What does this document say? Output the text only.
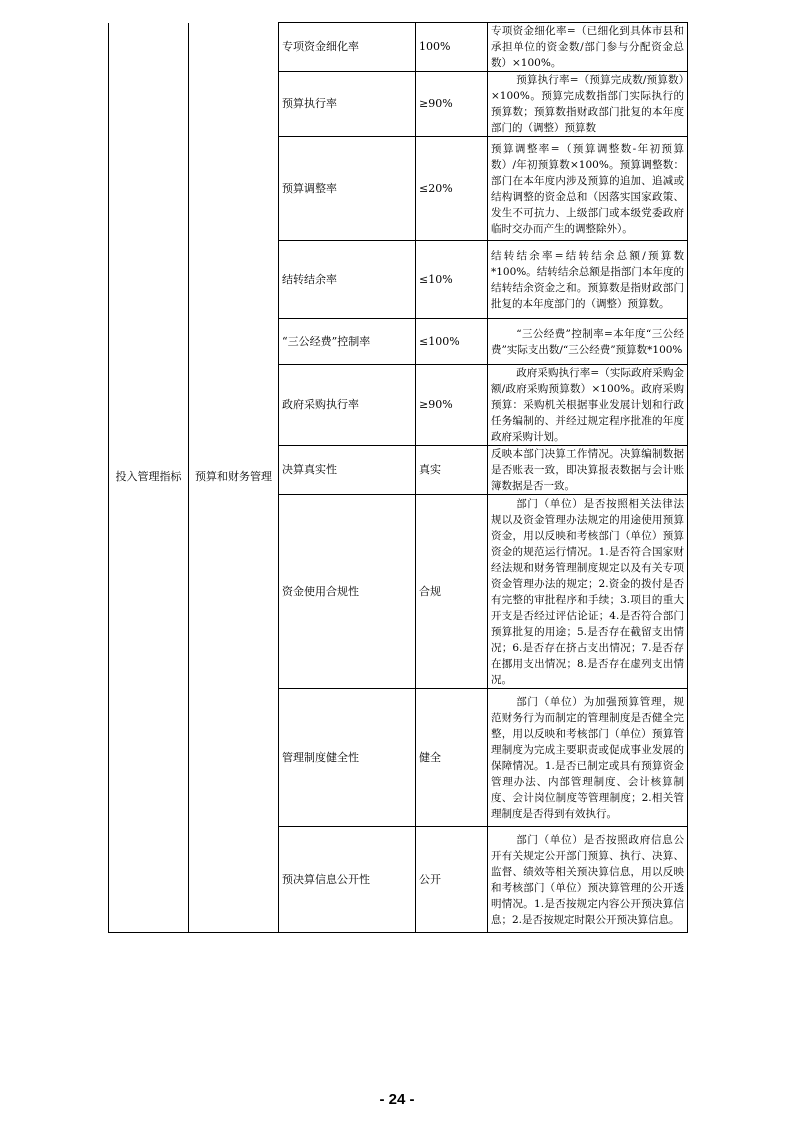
投入管理指标	预算和财务管理	专项资金细化率	100%	专项资金细化率=（已细化到具体市县和承担单位的资金数/部门参与分配资金总数）×100%。
		预算执行率	≥90%	预算执行率=（预算完成数/预算数）×100%。预算完成数指部门实际执行的预算数；预算数指财政部门批复的本年度部门的（调整）预算数
		预算调整率	≤20%	预算调整率=（预算调整数-年初预算数）/年初预算数×100%。预算调整数：部门在本年度内涉及预算的追加、追减或结构调整的资金总和（因落实国家政策、发生不可抗力、上级部门或本级党委政府临时交办而产生的调整除外）。
		结转结余率	≤10%	结转结余率=结转结余总额/预算数*100%。结转结余总额是指部门本年度的结转结余资金之和。预算数是指财政部门批复的本年度部门的（调整）预算数。
		“三公经费”控制率	≤100%	“三公经费”控制率=本年度“三公经费”实际支出数/“三公经费”预算数*100%
		政府采购执行率	≥90%	政府采购执行率=（实际政府采购金额/政府采购预算数）×100%。政府采购预算：采购机关根据事业发展计划和行政任务编制的、并经过规定程序批准的年度政府采购计划。
		决算真实性	真实	反映本部门决算工作情况。决算编制数据是否账表一致，即决算报表数据与会计账簿数据是否一致。
		资金使用合规性	合规	部门（单位）是否按照相关法律法规以及资金管理办法规定的用途使用预算资金，用以反映和考核部门（单位）预算资金的规范运行情况。1.是否符合国家财经法规和财务管理制度规定以及有关专项资金管理办法的规定；2.资金的拨付是否有完整的审批程序和手续；3.项目的重大开支是否经过评估论证；4.是否符合部门预算批复的用途；5.是否存在截留支出情况；6.是否存在挤占支出情况；7.是否存在挪用支出情况；8.是否存在虚列支出情况。
		管理制度健全性	健全	部门（单位）为加强预算管理，规范财务行为而制定的管理制度是否健全完整，用以反映和考核部门（单位）预算管理制度为完成主要职责或促成事业发展的保障情况。1.是否已制定或具有预算资金管理办法、内部管理制度、会计核算制度、会计岗位制度等管理制度；2.相关管理制度是否得到有效执行。
		预决算信息公开性	公开	部门（单位）是否按照政府信息公开有关规定公开部门预算、执行、决算、监督、绩效等相关预决算信息，用以反映和考核部门（单位）预决算管理的公开透明情况。1.是否按规定内容公开预决算信息；2.是否按规定时限公开预决算信息。
- 24 -
